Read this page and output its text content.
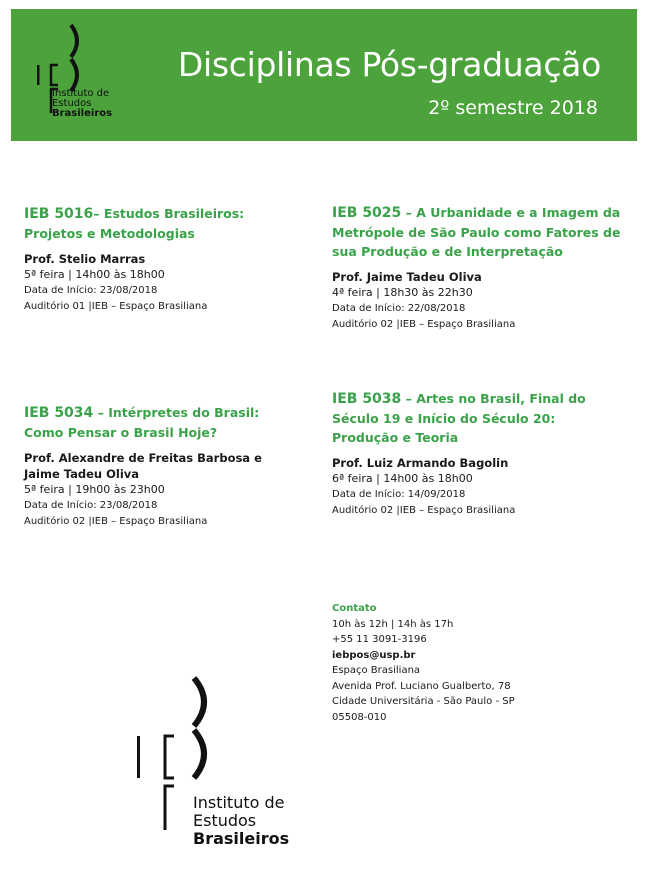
Instituto de
Estudos
Brasileiros
Disciplinas Pós-graduação
2º semestre 2018
IEB 5016– Estudos Brasileiros: Projetos e Metodologias
Prof. Stelio Marras
5ª feira | 14h00 às 18h00
Data de Início: 23/08/2018
Auditório 01 |IEB – Espaço Brasiliana
IEB 5025 – A Urbanidade e a Imagem da Metrópole de São Paulo como Fatores de sua Produção e de Interpretação
Prof. Jaime Tadeu Oliva
4ª feira | 18h30 às 22h30
Data de Início: 22/08/2018
Auditório 02 |IEB – Espaço Brasiliana
IEB 5034 – Intérpretes do Brasil: Como Pensar o Brasil Hoje?
Prof. Alexandre de Freitas Barbosa e Jaime Tadeu Oliva
5ª feira | 19h00 às 23h00
Data de Início: 23/08/2018
Auditório 02 |IEB – Espaço Brasiliana
IEB 5038 – Artes no Brasil, Final do Século 19 e Início do Século 20: Produção e Teoria
Prof. Luiz Armando Bagolin
6ª feira | 14h00 às 18h00
Data de Início: 14/09/2018
Auditório 02 |IEB – Espaço Brasiliana
Contato
10h às 12h | 14h às 17h
+55 11 3091-3196
iebpos@usp.br
Espaço Brasiliana
Avenida Prof. Luciano Gualberto, 78
Cidade Universitária - São Paulo - SP
05508-010
Instituto de
Estudos
Brasileiros
